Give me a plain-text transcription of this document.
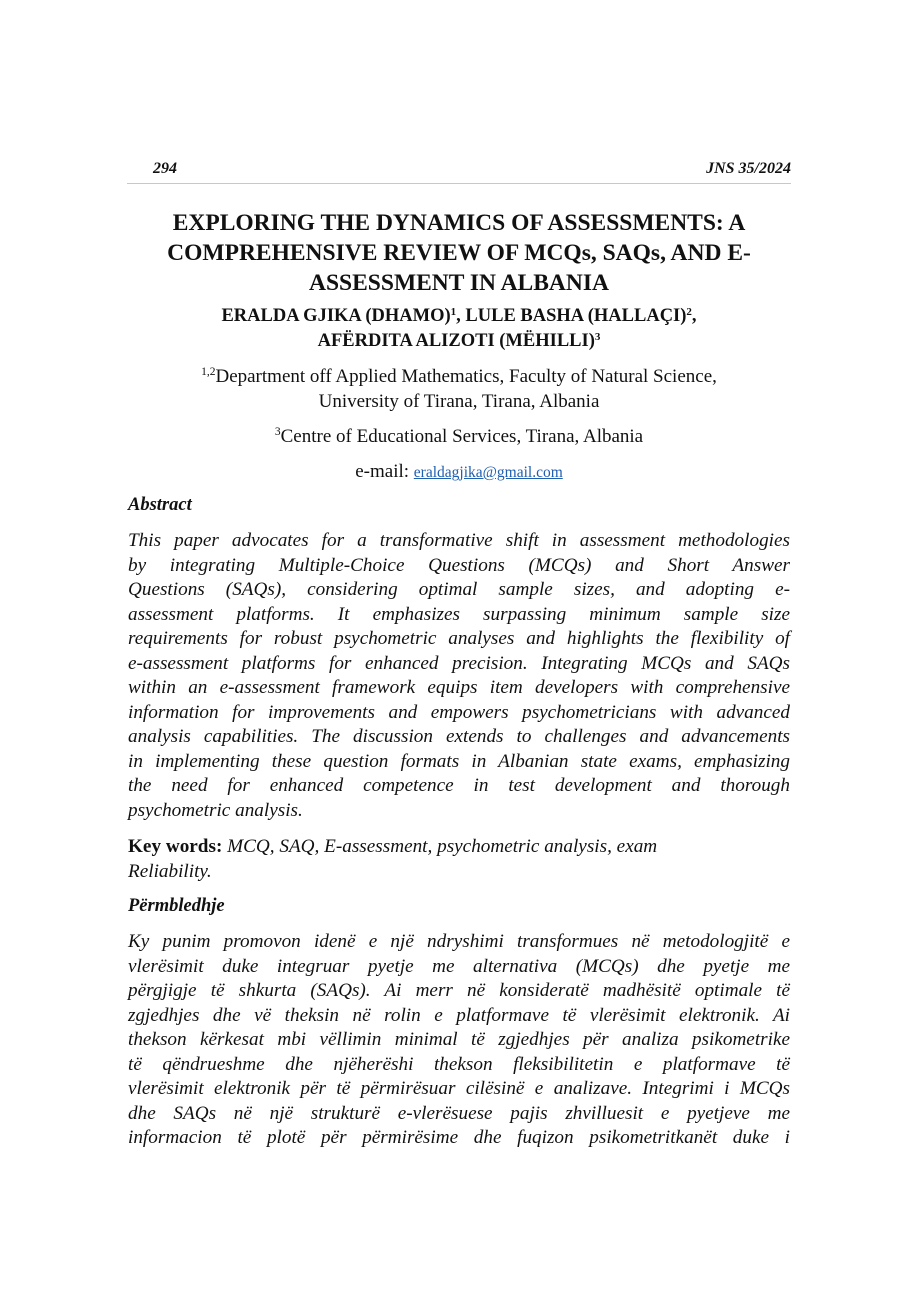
294	JNS 35/2024
EXPLORING THE DYNAMICS OF ASSESSMENTS: A
COMPREHENSIVE REVIEW OF MCQs, SAQs, AND E-
ASSESSMENT IN ALBANIA
ERALDA GJIKA (DHAMO)$^1$, LULE BASHA (HALLAÇI)$^2$,
AFËRDITA ALIZOTI (MËHILLI)$^3$
$^{1,2}$Department off Applied Mathematics, Faculty of Natural Science,
University of Tirana, Tirana, Albania
$^3$Centre of Educational Services, Tirana, Albania
e-mail: eraldagjika@gmail.com
Abstract
This paper advocates for a transformative shift in assessment methodologies
by integrating Multiple-Choice Questions (MCQs) and Short Answer
Questions (SAQs), considering optimal sample sizes, and adopting e-
assessment platforms. It emphasizes surpassing minimum sample size
requirements for robust psychometric analyses and highlights the flexibility of
e-assessment platforms for enhanced precision. Integrating MCQs and SAQs
within an e-assessment framework equips item developers with comprehensive
information for improvements and empowers psychometricians with advanced
analysis capabilities. The discussion extends to challenges and advancements
in implementing these question formats in Albanian state exams, emphasizing
the need for enhanced competence in test development and thorough
psychometric analysis.
Key words: MCQ, SAQ, E-assessment, psychometric analysis, exam
Reliability.
Përmbledhje
Ky punim promovon idenë e një ndryshimi transformues në metodologjitë e
vlerësimit duke integruar pyetje me alternativa (MCQs) dhe pyetje me
përgjigje të shkurta (SAQs). Ai merr në konsideratë madhësitë optimale të
zgjedhjes dhe vë theksin në rolin e platformave të vlerësimit elektronik. Ai
thekson kërkesat mbi vëllimin minimal të zgjedhjes për analiza psikometrike
të qëndrueshme dhe njëherëshi thekson fleksibilitetin e platformave të
vlerësimit elektronik për të përmirësuar cilësinë e analizave. Integrimi i MCQs
dhe SAQs në një strukturë e-vlerësuese pajis zhvilluesit e pyetjeve me
informacion të plotë për përmirësime dhe fuqizon psikometritkanët duke i
